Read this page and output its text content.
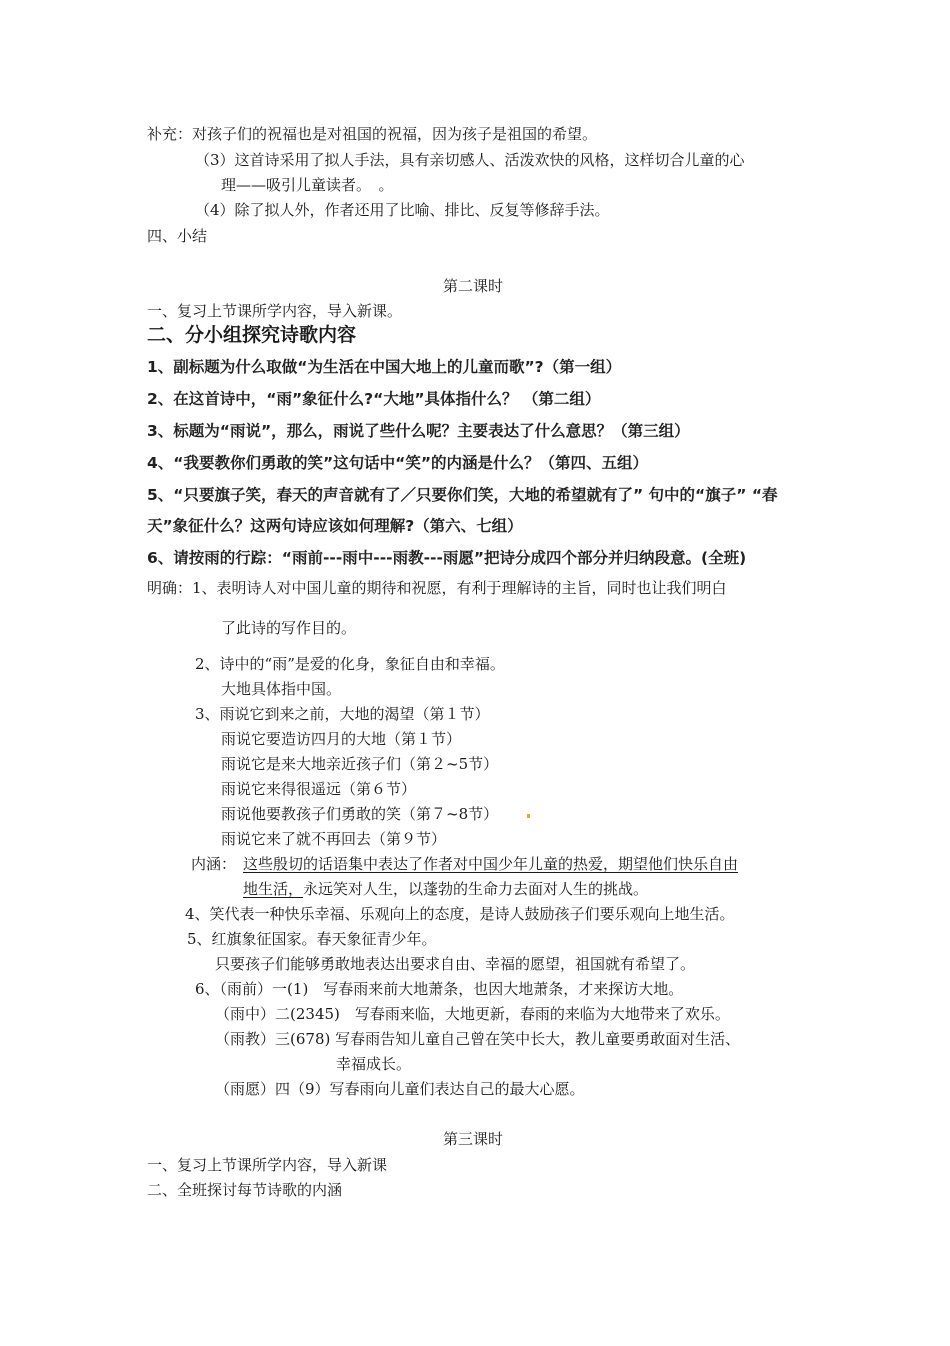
补充：对孩子们的祝福也是对祖国的祝福，因为孩子是祖国的希望。
（3）这首诗采用了拟人手法，具有亲切感人、活泼欢快的风格，这样切合儿童的心
理——吸引儿童读者。　。
（4）除了拟人外，作者还用了比喻、排比、反复等修辞手法。
四、小结
第二课时
一、复习上节课所学内容，导入新课。
二、分小组探究诗歌内容
1、副标题为什么取做“为生活在中国大地上的儿童而歌”?（第一组）
2、在这首诗中，“雨”象征什么?“大地”具体指什么？ （第二组）
3、标题为“雨说”，那么，雨说了些什么呢？主要表达了什么意思？（第三组）
4、“我要教你们勇敢的笑”这句话中“笑”的内涵是什么？（第四、五组）
5、“只要旗子笑，春天的声音就有了／只要你们笑，大地的希望就有了” 句中的“旗子” “春
天”象征什么？这两句诗应该如何理解?（第六、七组）
6、请按雨的行踪：“雨前---雨中---雨教---雨愿”把诗分成四个部分并归纳段意。(全班)
明确：1、表明诗人对中国儿童的期待和祝愿，有利于理解诗的主旨，同时也让我们明白
了此诗的写作目的。
2、诗中的“雨”是爱的化身，象征自由和幸福。
大地具体指中国。
3、雨说它到来之前，大地的渴望（第１节）
雨说它要造访四月的大地（第１节）
雨说它是来大地亲近孩子们（第２~5节）
雨说它来得很遥远（第６节）
雨说他要教孩子们勇敢的笑（第７~8节）
雨说它来了就不再回去（第９节）
内涵： 这些殷切的话语集中表达了作者对中国少年儿童的热爱，期望他们快乐自由
地生活，永远笑对人生，以蓬勃的生命力去面对人生的挑战。
4、笑代表一种快乐幸福、乐观向上的态度，是诗人鼓励孩子们要乐观向上地生活。
5、红旗象征国家。春天象征青少年。
只要孩子们能够勇敢地表达出要求自由、幸福的愿望，祖国就有希望了。
6、（雨前）一(1)　写春雨来前大地萧条，也因大地萧条，才来探访大地。
（雨中）二(2345)　写春雨来临，大地更新，春雨的来临为大地带来了欢乐。
（雨教）三(678) 写春雨告知儿童自己曾在笑中长大，教儿童要勇敢面对生活、
幸福成长。
（雨愿）四（9）写春雨向儿童们表达自己的最大心愿。
第三课时
一、复习上节课所学内容，导入新课
二、全班探讨每节诗歌的内涵
